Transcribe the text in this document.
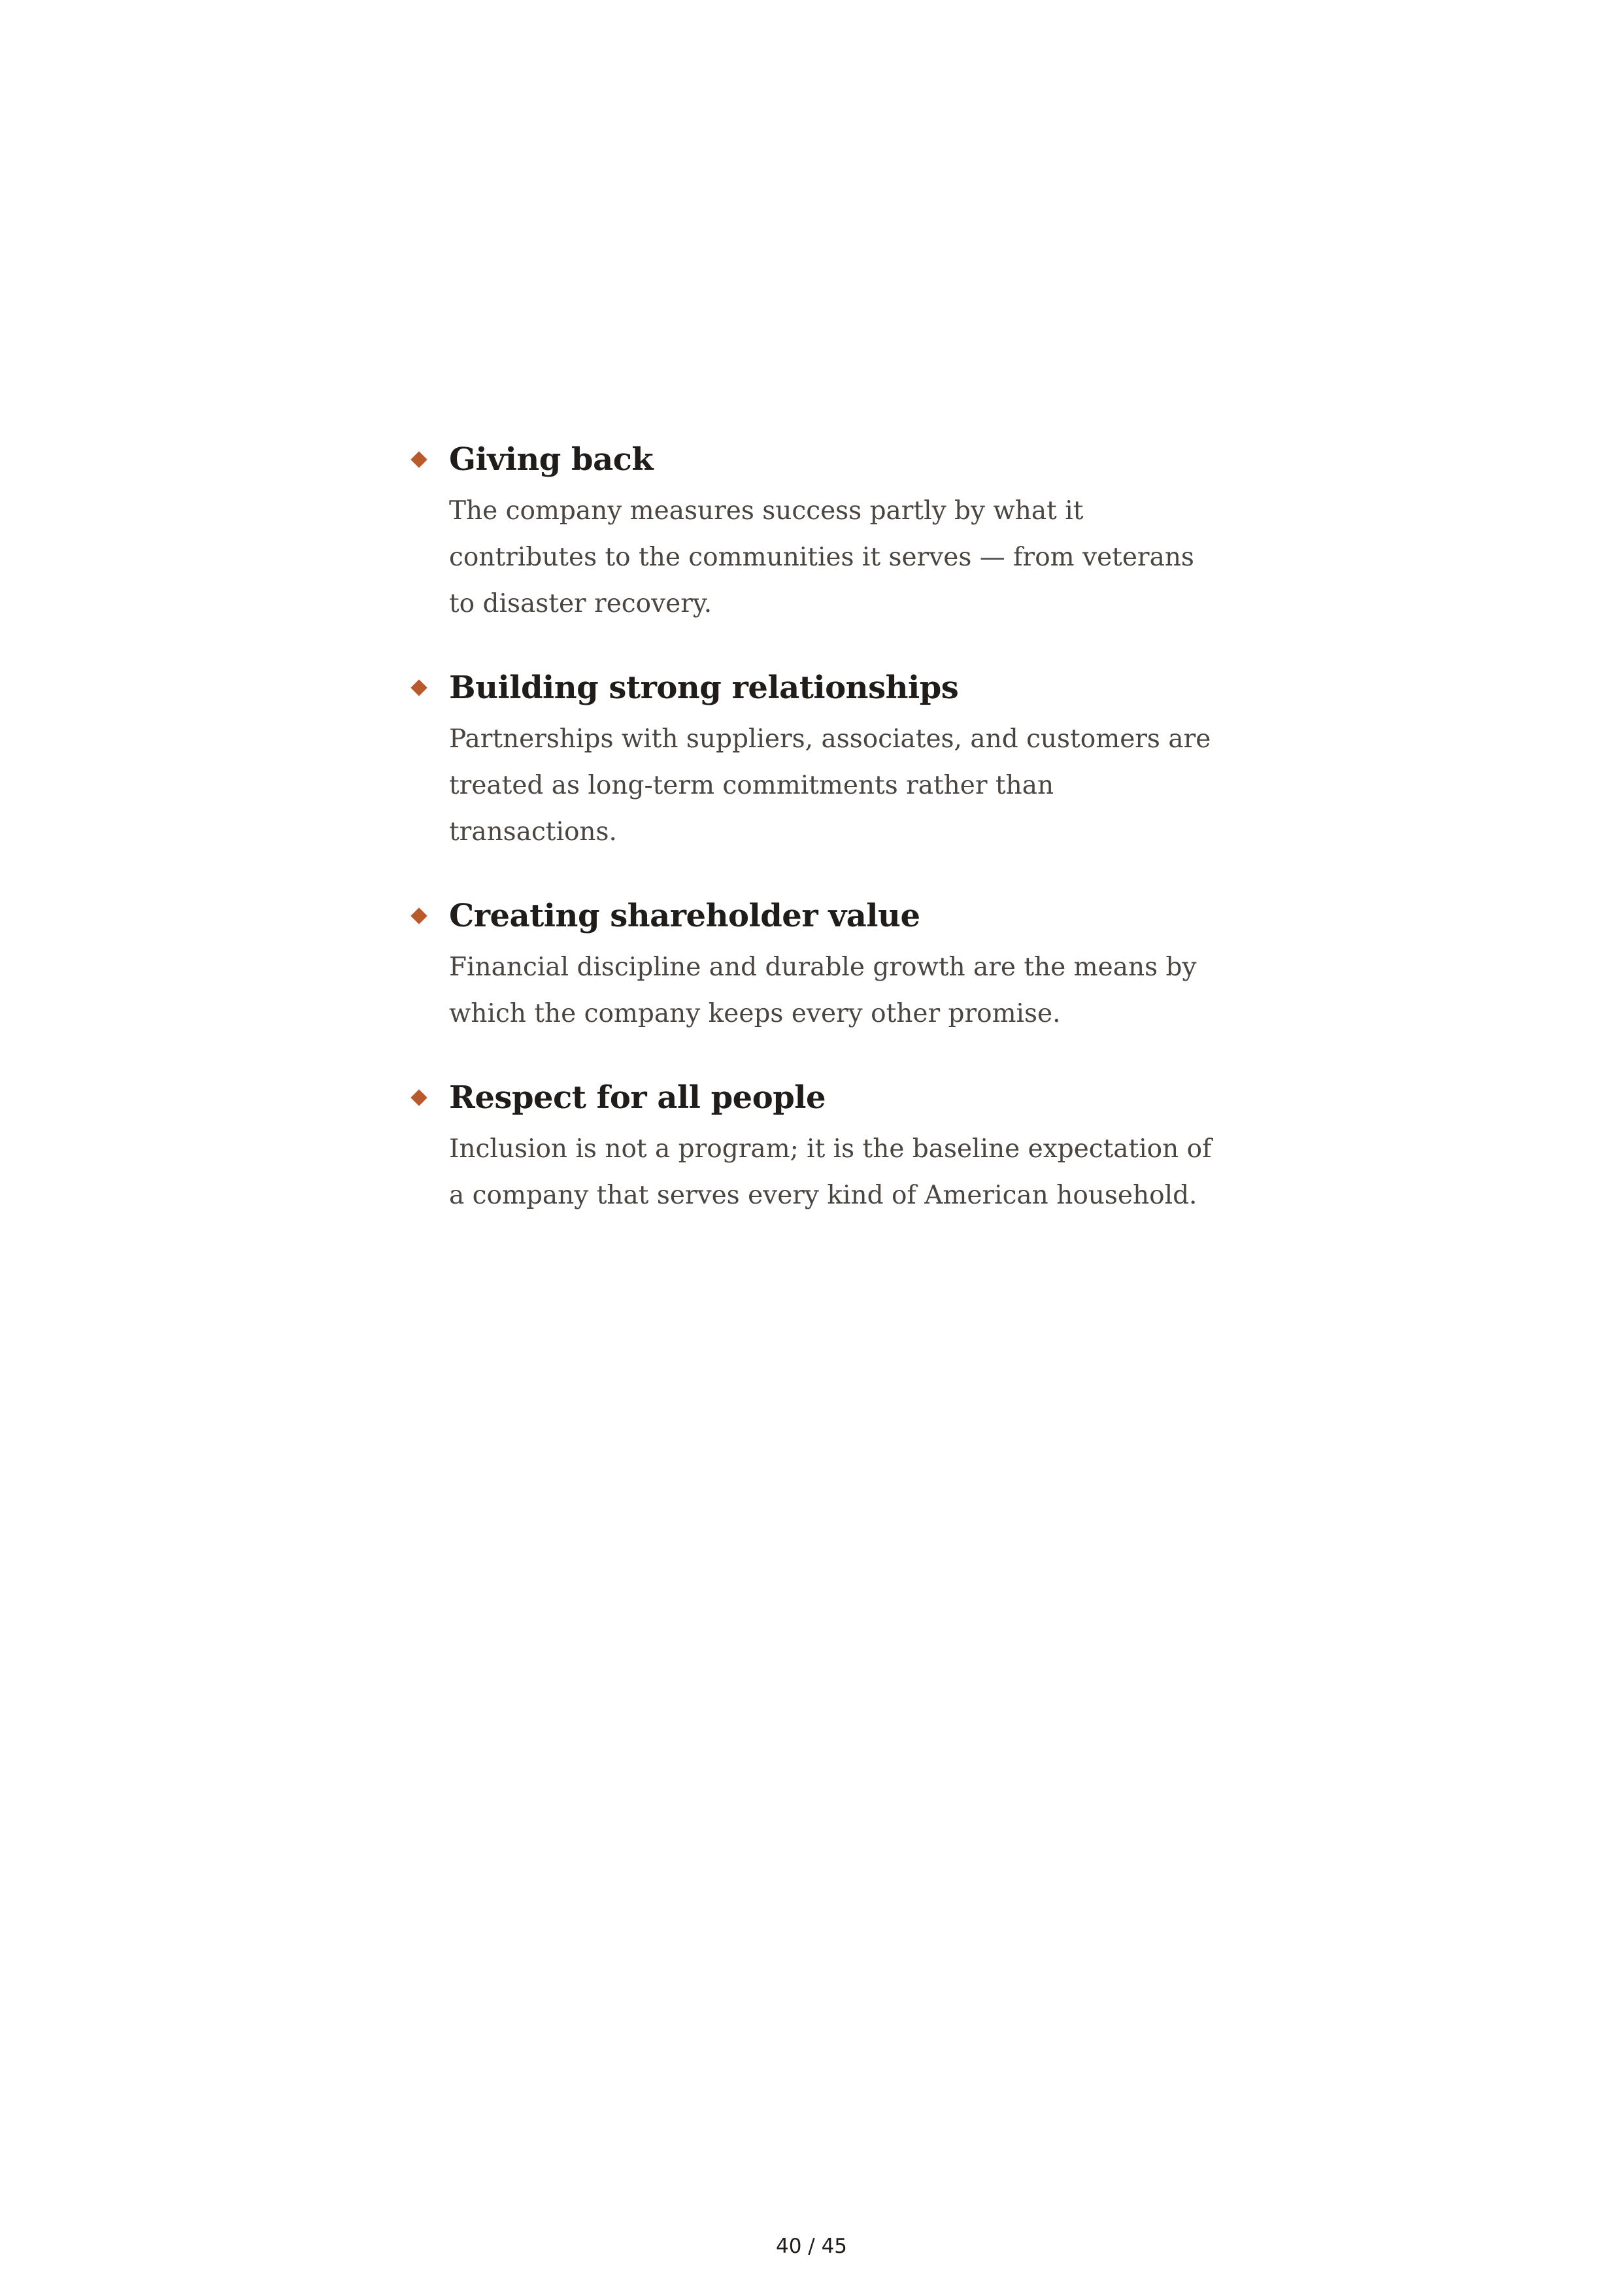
Giving back

The company measures success partly by what it contributes to the communities it serves — from veterans to disaster recovery.

Building strong relationships

Partnerships with suppliers, associates, and customers are treated as long-term commitments rather than transactions.

Creating shareholder value

Financial discipline and durable growth are the means by which the company keeps every other promise.

Respect for all people

Inclusion is not a program; it is the baseline expectation of a company that serves every kind of American household.

40 / 45
